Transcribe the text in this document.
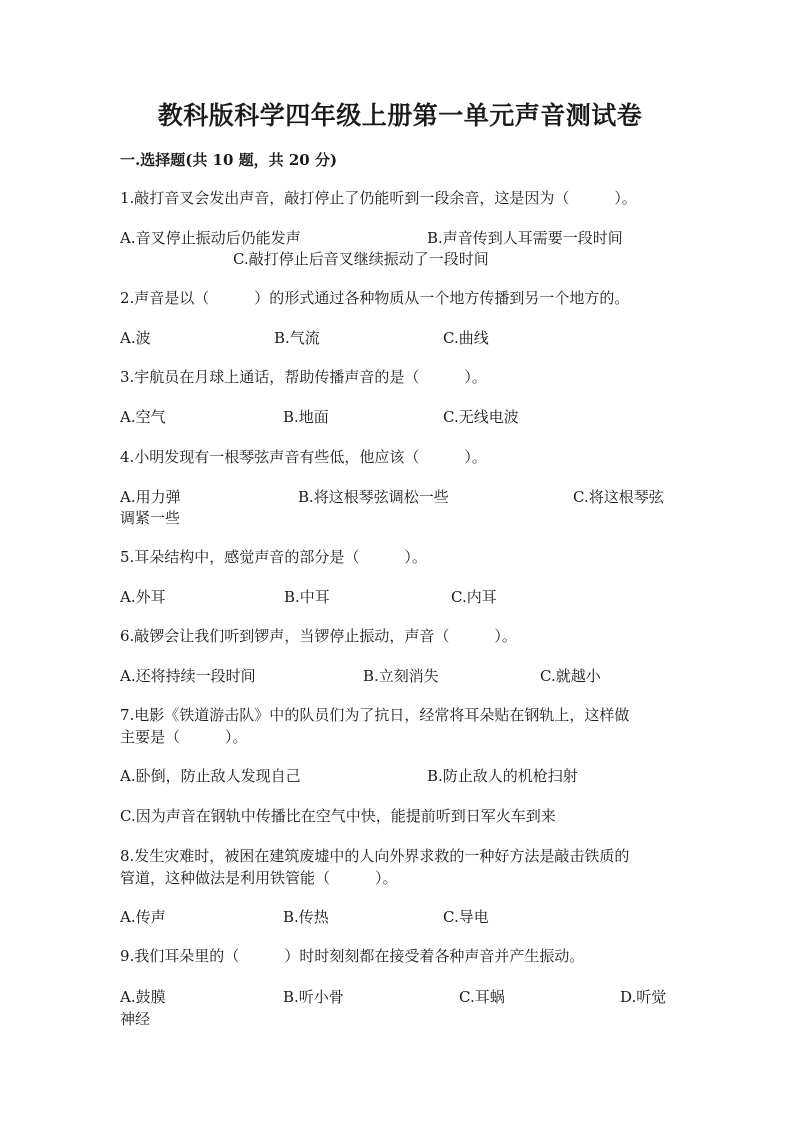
教科版科学四年级上册第一单元声音测试卷
一.选择题(共 10 题，共 20 分)
1.敲打音叉会发出声音，敲打停止了仍能听到一段余音，这是因为（　　　）。
A.音叉停止振动后仍能发声	B.声音传到人耳需要一段时间
C.敲打停止后音叉继续振动了一段时间
2.声音是以（　　　）的形式通过各种物质从一个地方传播到另一个地方的。
A.波	B.气流	C.曲线
3.宇航员在月球上通话，帮助传播声音的是（　　　）。
A.空气	B.地面	C.无线电波
4.小明发现有一根琴弦声音有些低，他应该（　　　）。
A.用力弹	B.将这根琴弦调松一些	C.将这根琴弦
调紧一些
5.耳朵结构中，感觉声音的部分是（　　　）。
A.外耳	B.中耳	C.内耳
6.敲锣会让我们听到锣声，当锣停止振动，声音（　　　）。
A.还将持续一段时间	B.立刻消失	C.就越小
7.电影《铁道游击队》中的队员们为了抗日，经常将耳朵贴在钢轨上，这样做
主要是（　　　）。
A.卧倒，防止敌人发现自己	B.防止敌人的机枪扫射
C.因为声音在钢轨中传播比在空气中快，能提前听到日军火车到来
8.发生灾难时，被困在建筑废墟中的人向外界求救的一种好方法是敲击铁质的
管道，这种做法是利用铁管能（　　　）。
A.传声	B.传热	C.导电
9.我们耳朵里的（　　　）时时刻刻都在接受着各种声音并产生振动。
A.鼓膜	B.听小骨	C.耳蜗	D.听觉
神经
